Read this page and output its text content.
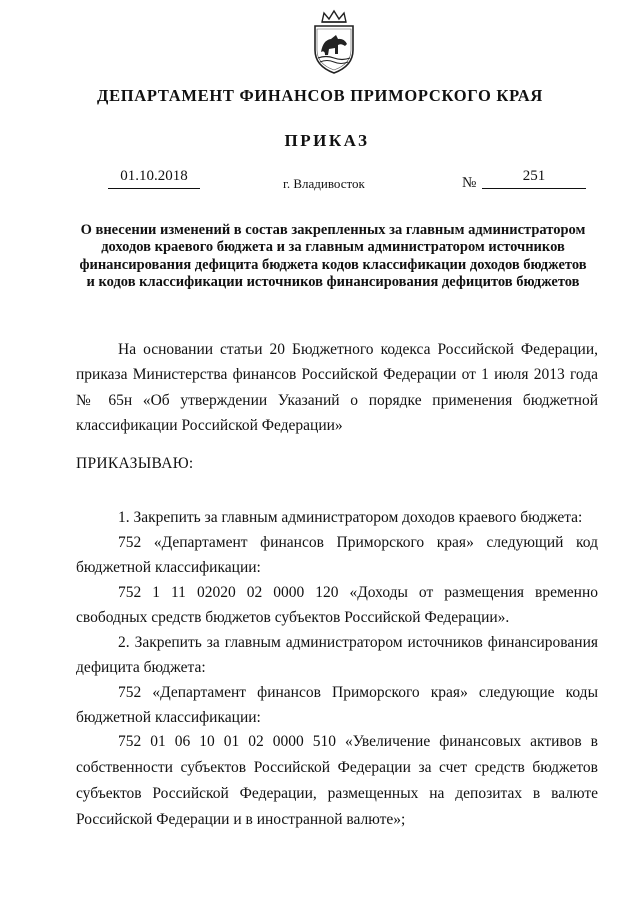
ДЕПАРТАМЕНТ ФИНАНСОВ ПРИМОРСКОГО КРАЯ
ПРИКАЗ
01.10.2018	г. Владивосток	№	251
О внесении изменений в состав закрепленных за главным администратором доходов краевого бюджета и за главным администратором источников финансирования дефицита бюджета кодов классификации доходов бюджетов и кодов классификации источников финансирования дефицитов бюджетов
На основании статьи 20 Бюджетного кодекса Российской Федерации, приказа Министерства финансов Российской Федерации от 1 июля 2013 года № 65н «Об утверждении Указаний о порядке применения бюджетной классификации Российской Федерации»
ПРИКАЗЫВАЮ:
1. Закрепить за главным администратором доходов краевого бюджета:
752 «Департамент финансов Приморского края» следующий код бюджетной классификации:
752 1 11 02020 02 0000 120 «Доходы от размещения временно свободных средств бюджетов субъектов Российской Федерации».
2. Закрепить за главным администратором источников финансирования дефицита бюджета:
752 «Департамент финансов Приморского края» следующие коды бюджетной классификации:
752 01 06 10 01 02 0000 510 «Увеличение финансовых активов в собственности субъектов Российской Федерации за счет средств бюджетов субъектов Российской Федерации, размещенных на депозитах в валюте Российской Федерации и в иностранной валюте»;
